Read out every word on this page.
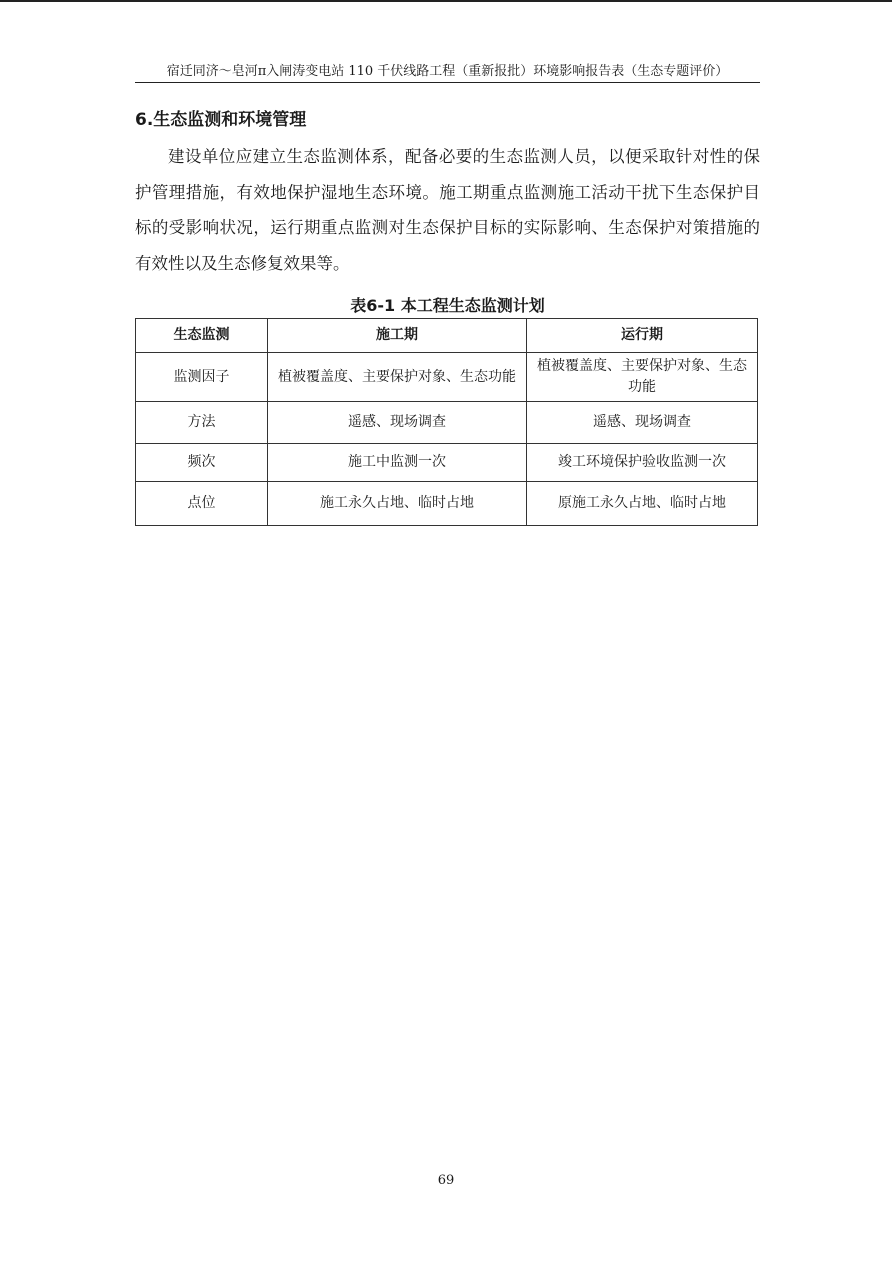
宿迁同济～皂河π入闸涛变电站 110 千伏线路工程（重新报批）环境影响报告表（生态专题评价）
6.生态监测和环境管理

建设单位应建立生态监测体系，配备必要的生态监测人员，以便采取针对性的保护管理措施，有效地保护湿地生态环境。施工期重点监测施工活动干扰下生态保护目标的受影响状况，运行期重点监测对生态保护目标的实际影响、生态保护对策措施的有效性以及生态修复效果等。

表6-1 本工程生态监测计划
生态监测	施工期	运行期
监测因子	植被覆盖度、主要保护对象、生态功能	植被覆盖度、主要保护对象、生态功能
方法	遥感、现场调查	遥感、现场调查
频次	施工中监测一次	竣工环境保护验收监测一次
点位	施工永久占地、临时占地	原施工永久占地、临时占地
69
